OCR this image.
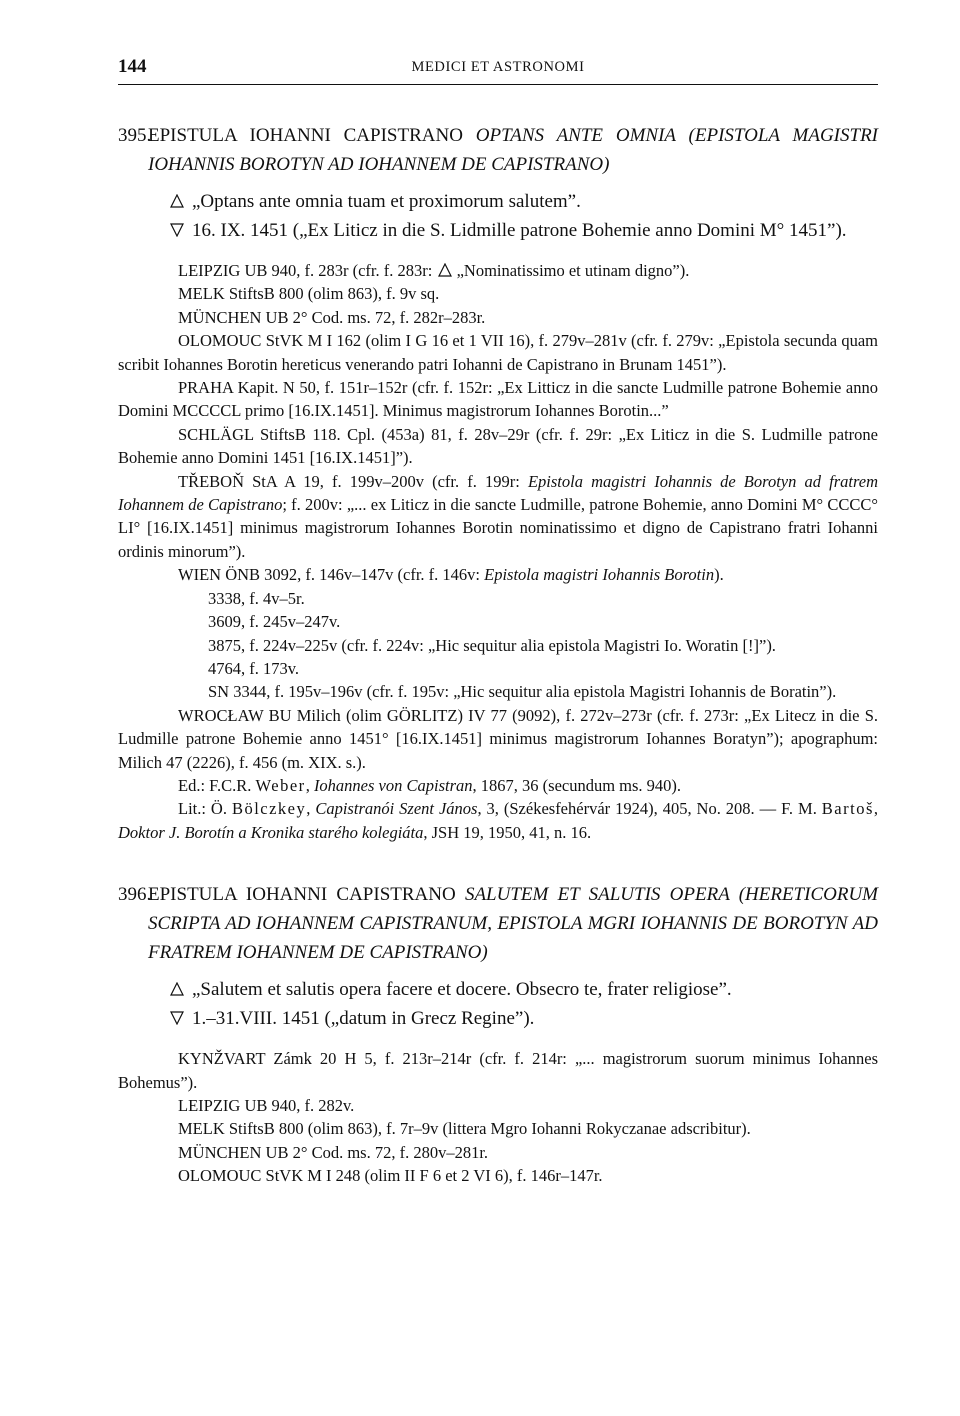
144	MEDICI ET ASTRONOMI
395.EPISTULA IOHANNI CAPISTRANO OPTANS ANTE OMNIA (EPISTOLA MAGISTRI IOHANNIS BOROTYN AD IOHANNEM DE CAPISTRANO)
„Optans ante omnia tuam et proximorum salutem”.
16. IX. 1451 („Ex Liticz in die S. Lidmille patrone Bohemie anno Domini M° 1451”).

LEIPZIG UB 940, f. 283r (cfr. f. 283r:  „Nominatissimo et utinam digno”).

MELK StiftsB 800 (olim 863), f. 9v sq.

MÜNCHEN UB 2° Cod. ms. 72, f. 282r–283r.

OLOMOUC StVK M I 162 (olim I G 16 et 1 VII 16), f. 279v–281v (cfr. f. 279v: „Epistola secunda quam scribit Iohannes Borotin hereticus venerando patri Iohanni de Capistrano in Brunam 1451”).

PRAHA Kapit. N 50, f. 151r–152r (cfr. f. 152r: „Ex Litticz in die sancte Ludmille patrone Bohemie anno Domini MCCCCL primo [16.IX.1451]. Minimus magistrorum Iohannes Borotin...”

SCHLÄGL StiftsB 118. Cpl. (453a) 81, f. 28v–29r (cfr. f. 29r: „Ex Liticz in die S. Ludmille patrone Bohemie anno Domini 1451 [16.IX.1451]”).

TŘEBOŇ StA A 19, f. 199v–200v (cfr. f. 199r: Epistola magistri Iohannis de Borotyn ad fratrem Iohannem de Capistrano; f. 200v: „... ex Liticz in die sancte Ludmille, patrone Bohemie, anno Domini M° CCCC° LI° [16.IX.1451] minimus magistrorum Iohannes Borotin nominatissimo et digno de Capistrano fratri Iohanni ordinis minorum”).

WIEN ÖNB 3092, f. 146v–147v (cfr. f. 146v: Epistola magistri Iohannis Borotin).

3338, f. 4v–5r.

3609, f. 245v–247v.

3875, f. 224v–225v (cfr. f. 224v: „Hic sequitur alia epistola Magistri Io. Woratin [!]”).

4764, f. 173v.

SN 3344, f. 195v–196v (cfr. f. 195v: „Hic sequitur alia epistola Magistri Iohannis de Boratin”).

WROCŁAW BU Milich (olim GÖRLITZ) IV 77 (9092), f. 272v–273r (cfr. f. 273r: „Ex Litecz in die S. Ludmille patrone Bohemie anno 1451° [16.IX.1451] minimus magistrorum Iohannes Boratyn”); apographum: Milich 47 (2226), f. 456 (m. XIX. s.).

Ed.: F.C.R. Weber, Iohannes von Capistran, 1867, 36 (secundum ms. 940).

Lit.: Ö. Bölczkey, Capistranói Szent János, 3, (Székesfehérvár 1924), 405, No. 208. — F. M. Bartoš, Doktor J. Borotín a Kronika starého kolegiáta, JSH 19, 1950, 41, n. 16.

396.EPISTULA IOHANNI CAPISTRANO SALUTEM ET SALUTIS OPERA (HERETICORUM SCRIPTA AD IOHANNEM CAPISTRANUM, EPISTOLA MGRI IOHANNIS DE BOROTYN AD FRATREM IOHANNEM DE CAPISTRANO)
„Salutem et salutis opera facere et docere. Obsecro te, frater religiose”.
1.–31.VIII. 1451 („datum in Grecz Regine”).

KYNŽVART Zámk 20 H 5, f. 213r–214r (cfr. f. 214r: „... magistrorum suorum minimus Iohannes Bohemus”).

LEIPZIG UB 940, f. 282v.

MELK StiftsB 800 (olim 863), f. 7r–9v (littera Mgro Iohanni Rokyczanae adscribitur).

MÜNCHEN UB 2° Cod. ms. 72, f. 280v–281r.

OLOMOUC StVK M I 248 (olim II F 6 et 2 VI 6), f. 146r–147r.
